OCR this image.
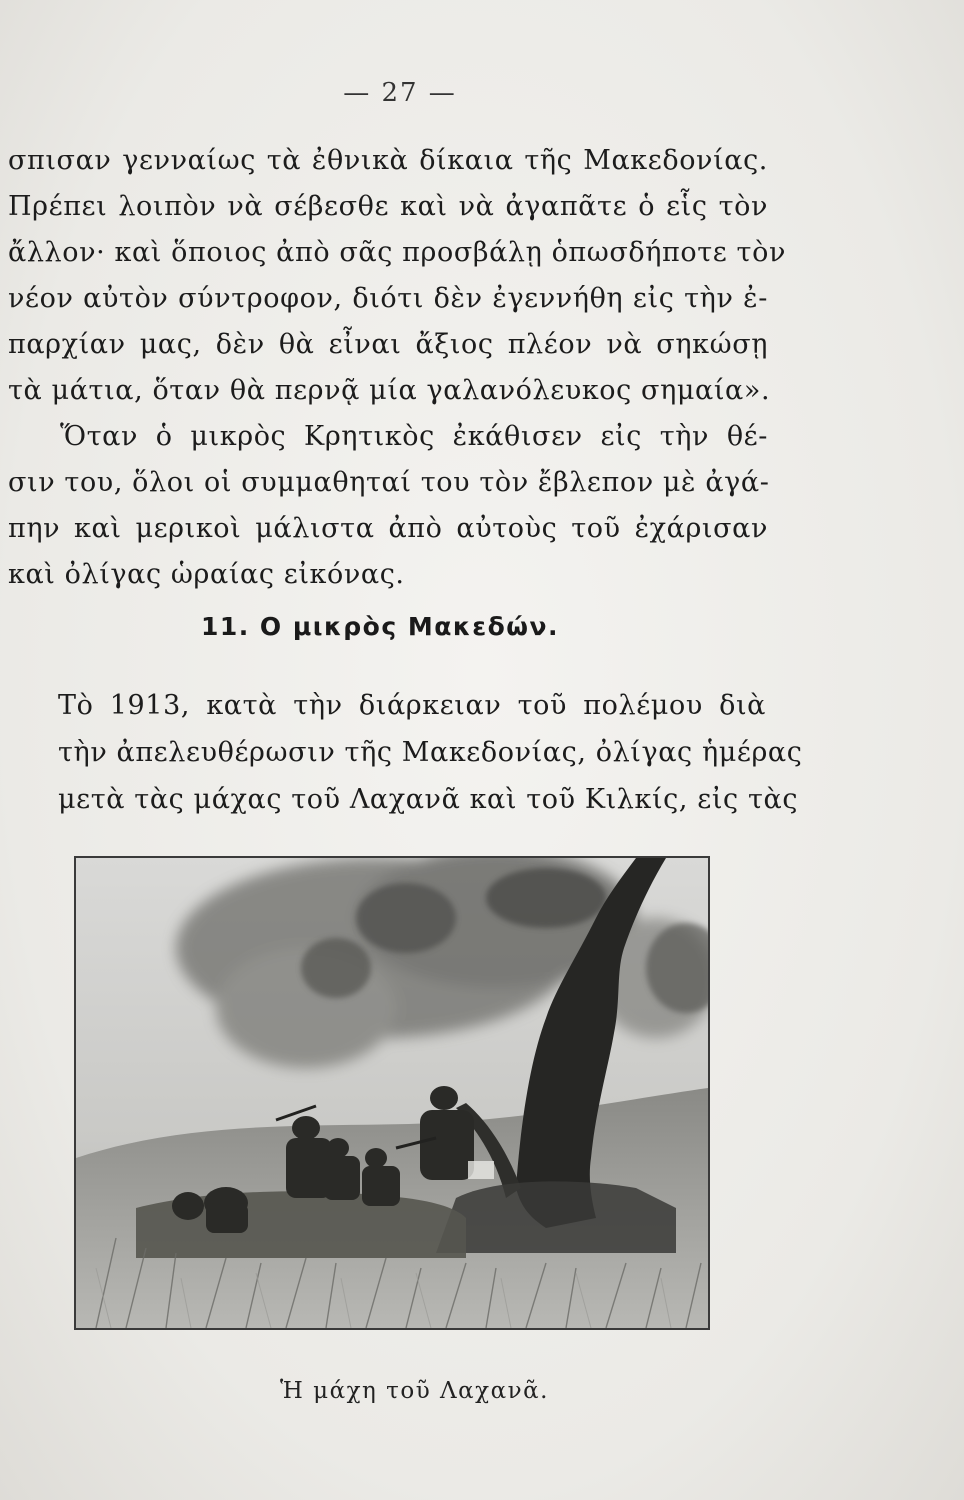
— 27 —
σπισαν γενναίως τὰ ἐθνικὰ δίκαια τῆς Μακεδονίας.
Πρέπει λοιπὸν νὰ σέβεσθε καὶ νὰ ἀγαπᾶτε ὁ εἷς τὸν
ἄλλον· καὶ ὅποιος ἀπὸ σᾶς προσβάλῃ ὁπωσδήποτε τὸν
νέον αὐτὸν σύντροφον, διότι δὲν ἐγεννήθη εἰς τὴν ἐ-
παρχίαν μας, δὲν θὰ εἶναι ἄξιος πλέον νὰ σηκώσῃ
τὰ μάτια, ὅταν θὰ περνᾷ μία γαλανόλευκος σημαία».
Ὅταν ὁ μικρὸς Κρητικὸς ἐκάθισεν εἰς τὴν θέ-
σιν του, ὅλοι οἱ συμμαθηταί του τὸν ἔβλεπον μὲ ἀγά-
πην καὶ μερικοὶ μάλιστα ἀπὸ αὐτοὺς τοῦ ἐχάρισαν
καὶ ὀλίγας ὡραίας εἰκόνας.
11. Ο μικρὸς Μακεδών.
Τὸ 1913, κατὰ τὴν διάρκειαν τοῦ πολέμου διὰ
τὴν ἀπελευθέρωσιν τῆς Μακεδονίας, ὀλίγας ἡμέρας
μετὰ τὰς μάχας τοῦ Λαχανᾶ καὶ τοῦ Κιλκίς, εἰς τὰς
Ἡ μάχη τοῦ Λαχανᾶ.
